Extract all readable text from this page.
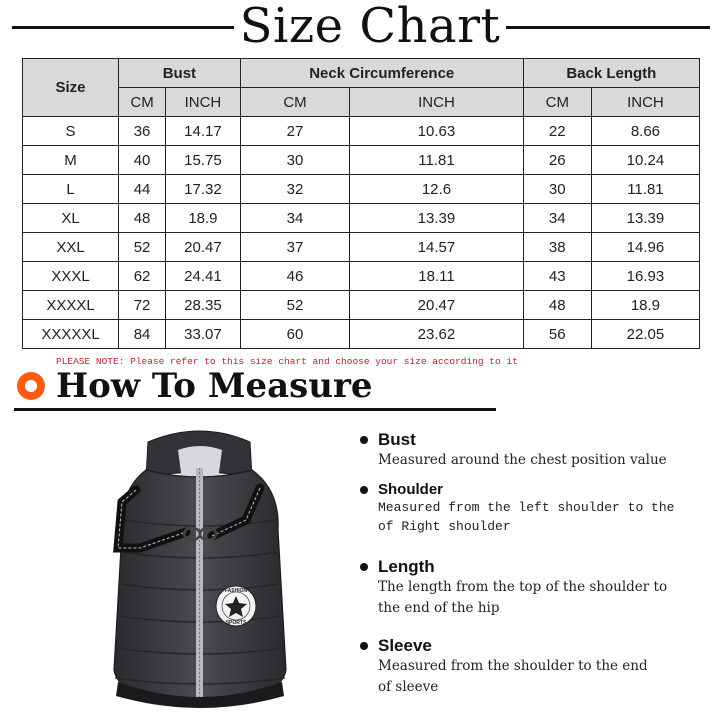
Size Chart
Size	Bust		Neck Circumference		Back Length	
	CM	INCH	CM	INCH	CM	INCH
S	36	14.17	27	10.63	22	8.66
M	40	15.75	30	11.81	26	10.24
L	44	17.32	32	12.6	30	11.81
XL	48	18.9	34	13.39	34	13.39
XXL	52	20.47	37	14.57	38	14.96
XXXL	62	24.41	46	18.11	43	16.93
XXXXL	72	28.35	52	20.47	48	18.9
XXXXXL	84	33.07	60	23.62	56	22.05
PLEASE NOTE: Please refer to this size chart and choose your size according to it
How To Measure
FASHION
SPORTS
Bust
Measured around the chest position value
Shoulder
Measured from the left shoulder to the
of Right shoulder
Length
The length from the top of the shoulder to
the end of the hip
Sleeve
Measured from the shoulder to the end
of sleeve
